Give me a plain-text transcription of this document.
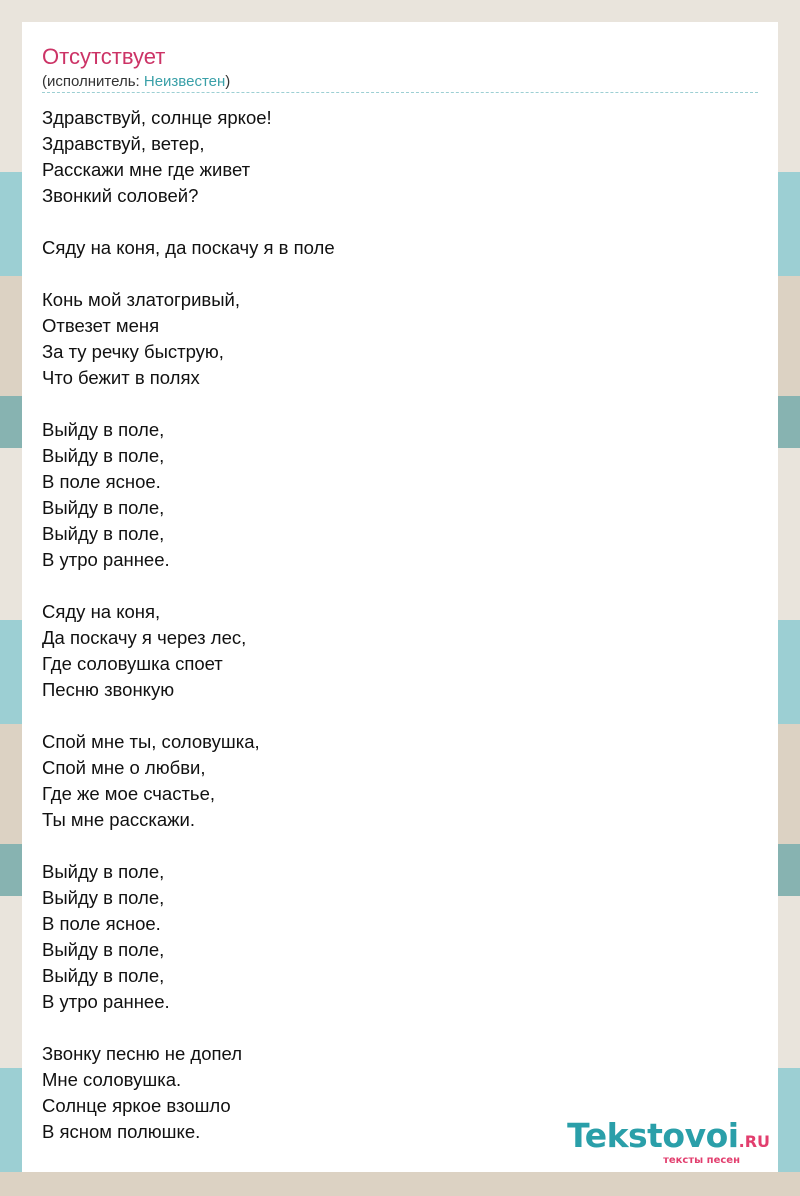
Отсутствует
(исполнитель: Неизвестен)
Здравствуй, солнце яркое!
Здравствуй, ветер,
Расскажи мне где живет
Звонкий соловей?
Сяду на коня, да поскачу я в поле
Конь мой златогривый,
Отвезет меня
За ту речку быструю,
Что бежит в полях
Выйду в поле,
Выйду в поле,
В поле ясное.
Выйду в поле,
Выйду в поле,
В утро раннее.
Сяду на коня,
Да поскачу я через лес,
Где соловушка споет
Песню звонкую
Спой мне ты, соловушка,
Спой мне о любви,
Где же мое счастье,
Ты мне расскажи.
Выйду в поле,
Выйду в поле,
В поле ясное.
Выйду в поле,
Выйду в поле,
В утро раннее.
Звонку песню не допел
Мне соловушка.
Солнце яркое взошло
В ясном полюшке.	Tekstovoi.RU
тексты песен
